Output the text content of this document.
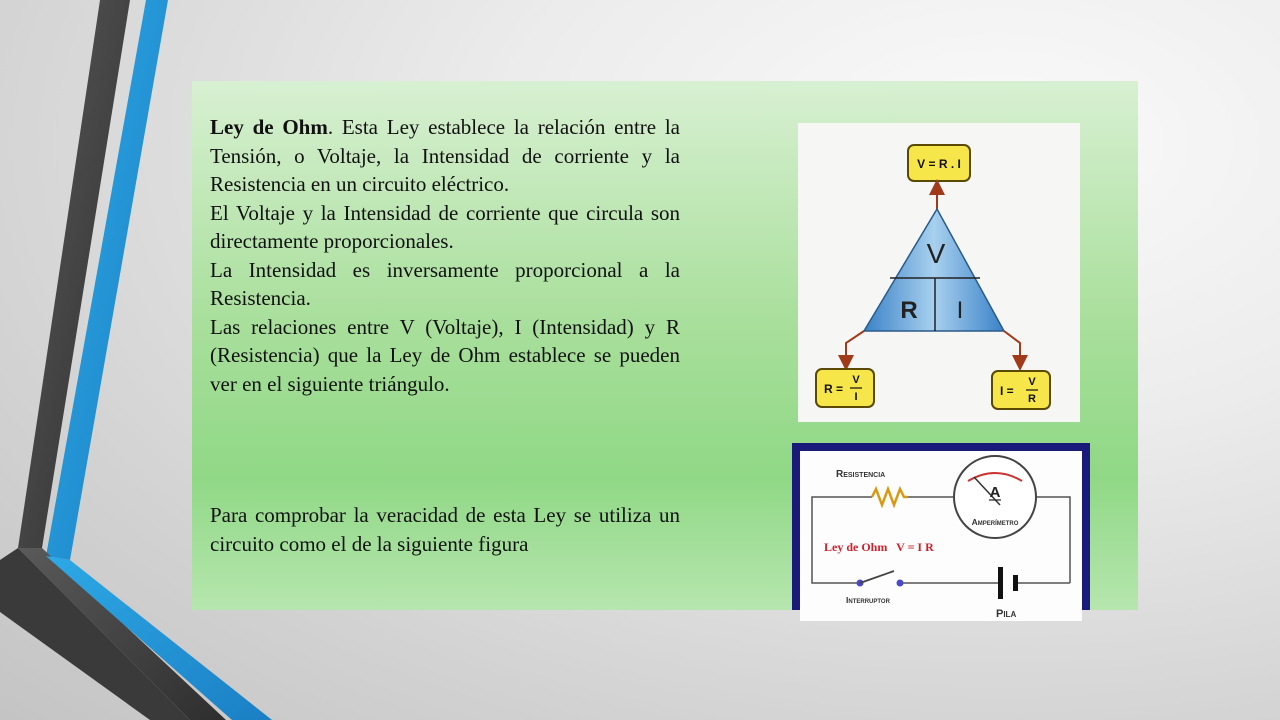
Ley de Ohm. Esta Ley establece la relación entre la Tensión, o Voltaje, la Intensidad de corriente y la Resistencia en un circuito eléctrico.

El Voltaje y la Intensidad de corriente que circula son directamente proporcionales.

La Intensidad es inversamente proporcional a la Resistencia.

Las relaciones entre V (Voltaje), I (Intensidad) y R (Resistencia) que la Ley de Ohm establece se pueden ver en el siguiente triángulo.

Para comprobar la veracidad de esta Ley se utiliza un circuito como el de la siguiente figura

V = R . I
V
R I
R =
V
I	I =
V
R
Resistencia
A
Amperímetro
Ley de Ohm   V = I R
Interruptor
Pila
